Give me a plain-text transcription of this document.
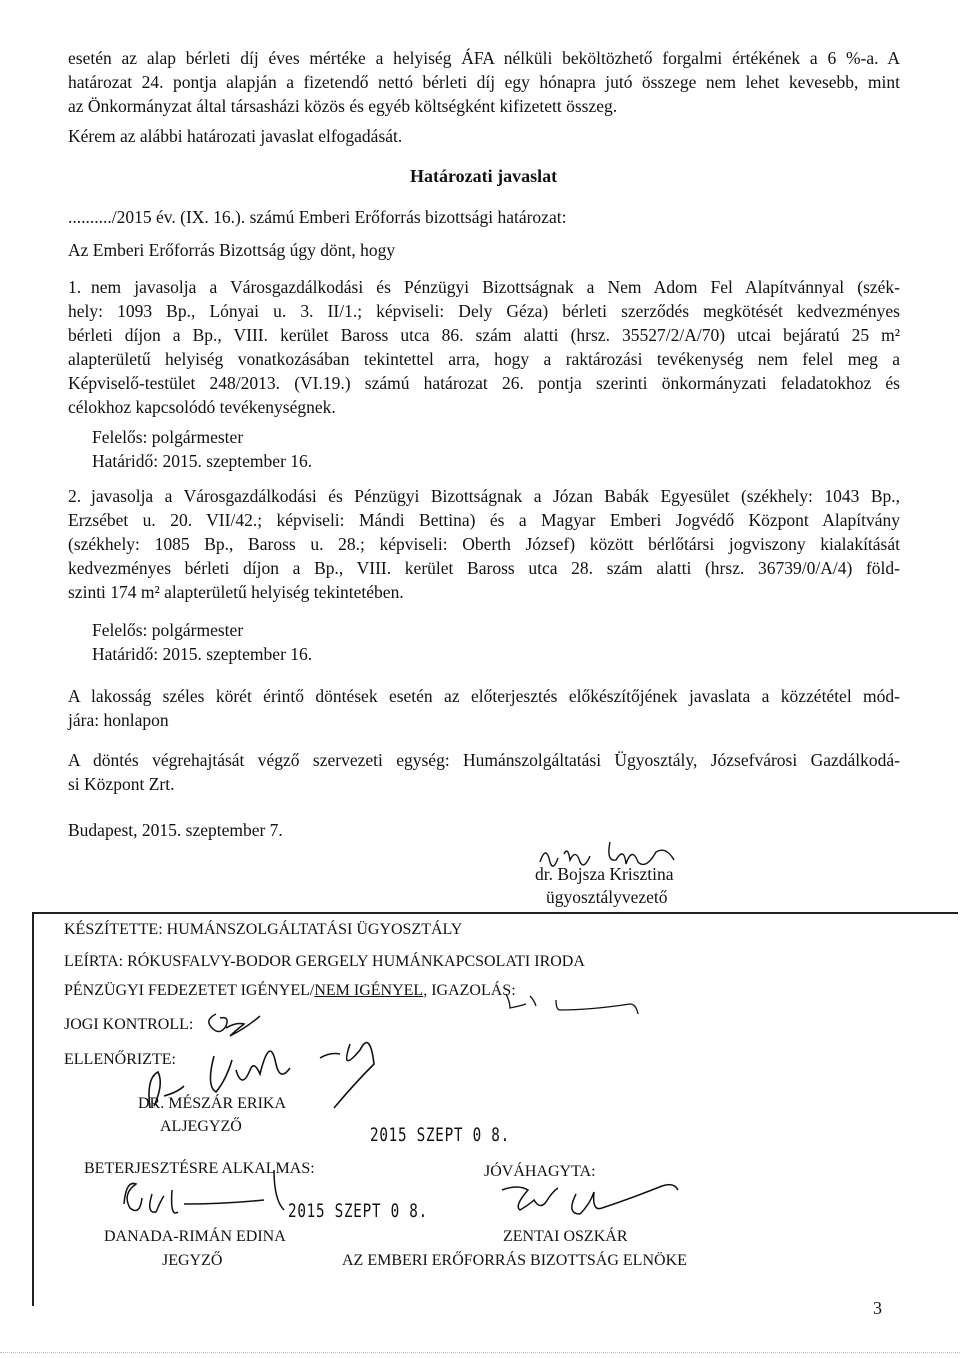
esetén az alap bérleti díj éves mértéke a helyiség ÁFA nélküli beköltözhető forgalmi értékének a 6 %-a. A

határozat 24. pontja alapján a fizetendő nettó bérleti díj egy hónapra jutó összege nem lehet kevesebb, mint

az Önkormányzat által társasházi közös és egyéb költségként kifizetett összeg.

Kérem az alábbi határozati javaslat elfogadását.

Határozati javaslat

........../2015 év. (IX. 16.). számú Emberi Erőforrás bizottsági határozat:

Az Emberi Erőforrás Bizottság úgy dönt, hogy

1. nem javasolja a Városgazdálkodási és Pénzügyi Bizottságnak a Nem Adom Fel Alapítvánnyal (szék-

hely: 1093 Bp., Lónyai u. 3. II/1.; képviseli: Dely Géza) bérleti szerződés megkötését kedvezményes

bérleti díjon a Bp., VIII. kerület Baross utca 86. szám alatti (hrsz. 35527/2/A/70) utcai bejáratú 25 m²

alapterületű helyiség vonatkozásában tekintettel arra, hogy a raktározási tevékenység nem felel meg a

Képviselő-testület 248/2013. (VI.19.) számú határozat 26. pontja szerinti önkormányzati feladatokhoz és

célokhoz kapcsolódó tevékenységnek.

Felelős: polgármester

Határidő: 2015. szeptember 16.

2. javasolja a Városgazdálkodási és Pénzügyi Bizottságnak a Józan Babák Egyesület (székhely: 1043 Bp.,

Erzsébet u. 20. VII/42.; képviseli: Mándi Bettina) és a Magyar Emberi Jogvédő Központ Alapítvány

(székhely: 1085 Bp., Baross u. 28.; képviseli: Oberth József) között bérlőtársi jogviszony kialakítását

kedvezményes bérleti díjon a Bp., VIII. kerület Baross utca 28. szám alatti (hrsz. 36739/0/A/4) föld-

szinti 174 m² alapterületű helyiség tekintetében.

Felelős: polgármester

Határidő: 2015. szeptember 16.

A lakosság széles körét érintő döntések esetén az előterjesztés előkészítőjének javaslata a közzététel mód-

jára: honlapon

A döntés végrehajtását végző szervezeti egység: Humánszolgáltatási Ügyosztály, Józsefvárosi Gazdálkodá-

si Központ Zrt.

Budapest, 2015. szeptember 7.

dr. Bojsza Krisztina

ügyosztályvezető

KÉSZÍTETTE: HUMÁNSZOLGÁLTATÁSI ÜGYOSZTÁLY

LEÍRTA: RÓKUSFALVY-BODOR GERGELY HUMÁNKAPCSOLATI IRODA

PÉNZÜGYI FEDEZETET IGÉNYEL/NEM IGÉNYEL, IGAZOLÁS:

JOGI KONTROLL:

ELLENŐRIZTE:

DR. MÉSZÁR ERIKA

ALJEGYZŐ	2015 SZEPT 0 8.

BETERJESZTÉSRE ALKALMAS:	JÓVÁHAGYTA:

2015 SZEPT 0 8.

DANADA-RIMÁN EDINA

JEGYZŐ

ZENTAI OSZKÁR

AZ EMBERI ERŐFORRÁS BIZOTTSÁG ELNÖKE

3
